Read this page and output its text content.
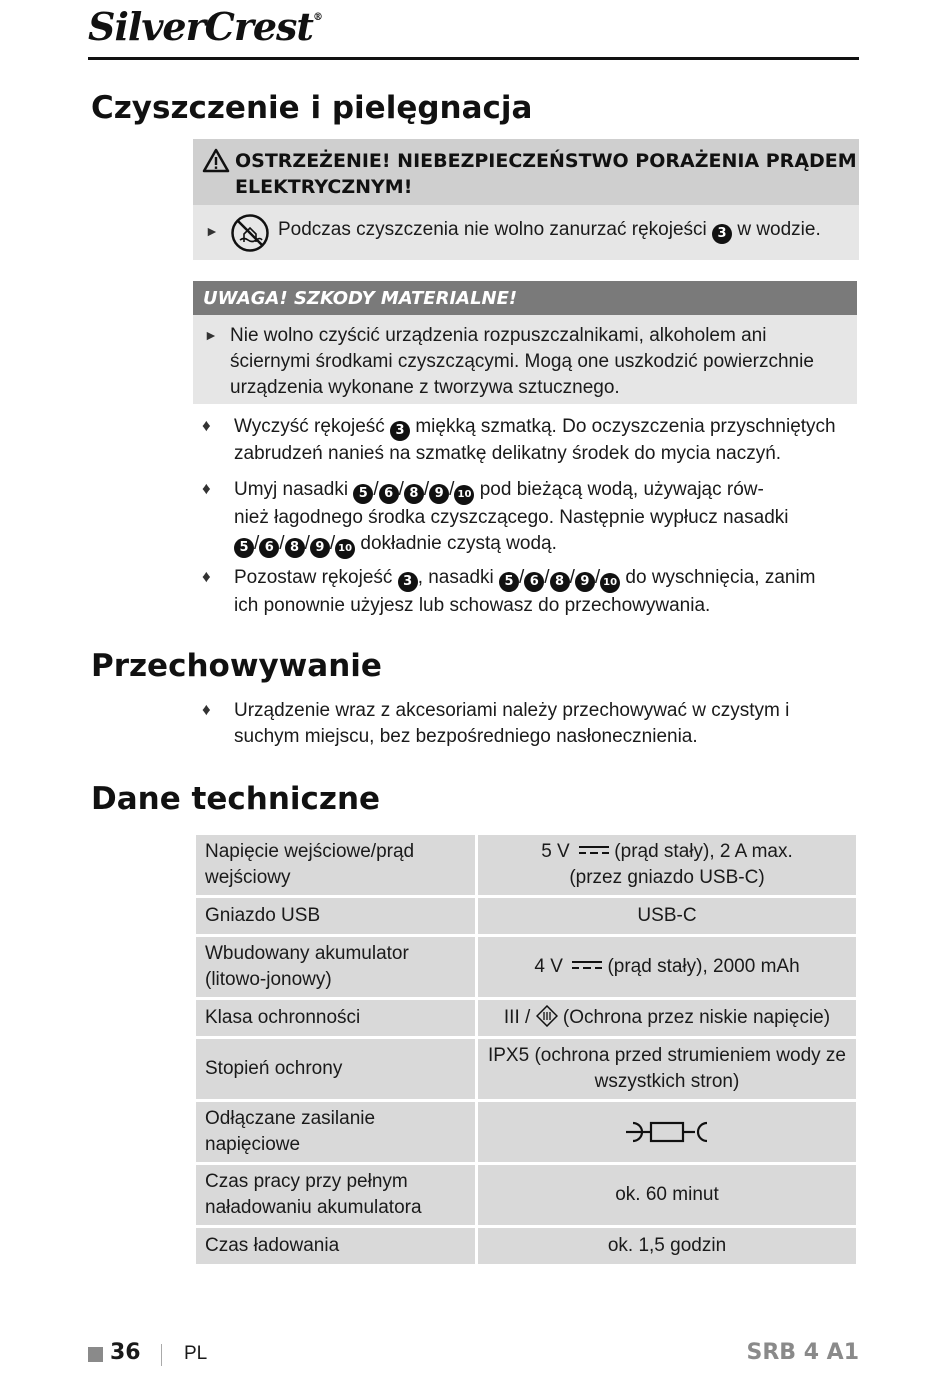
SilverCrest®
Czyszczenie i pielęgnacja
OSTRZEŻENIE! NIEBEZPIECZEŃSTWO PORAŻENIA PRĄDEM ELEKTRYCZNYM!
►	Podczas czyszczenia nie wolno zanurzać rękojeści 3 w wodzie.
UWAGA! SZKODY MATERIALNE!
► Nie wolno czyścić urządzenia rozpuszczalnikami, alkoholem ani ściernymi środkami czyszczącymi. Mogą one uszkodzić powierzchnie urządzenia wykonane z tworzywa sztucznego.
♦ Wyczyść rękojeść 3 miękką szmatką. Do oczyszczenia przyschniętych zabrudzeń nanieś na szmatkę delikatny środek do mycia naczyń.
♦ Umyj nasadki 5 / 6 / 8 / 9 / 10 pod bieżącą wodą, używając rów-
nież łagodnego środka czyszczącego. Następnie wypłucz nasadki
5 / 6 / 8 / 9 / 10 dokładnie czystą wodą.
♦ Pozostaw rękojeść 3 , nasadki 5 / 6 / 8 / 9 / 10 do wyschnięcia, zanim
ich ponownie użyjesz lub schowasz do przechowywania.
Przechowywanie
♦ Urządzenie wraz z akcesoriami należy przechowywać w czystym i suchym miejscu, bez bezpośredniego nasłonecznienia.
Dane techniczne
Napięcie wejściowe/prąd wejściowy	5 V (prąd stały), 2 A max.
(przez gniazdo USB-C)
Gniazdo USB	USB-C
Wbudowany akumulator (litowo-jonowy)	4 V (prąd stały), 2000 mAh
Klasa ochronności	III / (Ochrona przez niskie napięcie)
Stopień ochrony	IPX5 (ochrona przed strumieniem wody ze wszystkich stron)
Odłączane zasilanie napięciowe	
Czas pracy przy pełnym naładowaniu akumulatora	ok. 60 minut
Czas ładowania	ok. 1,5 godzin
36 PL	SRB 4 A1
